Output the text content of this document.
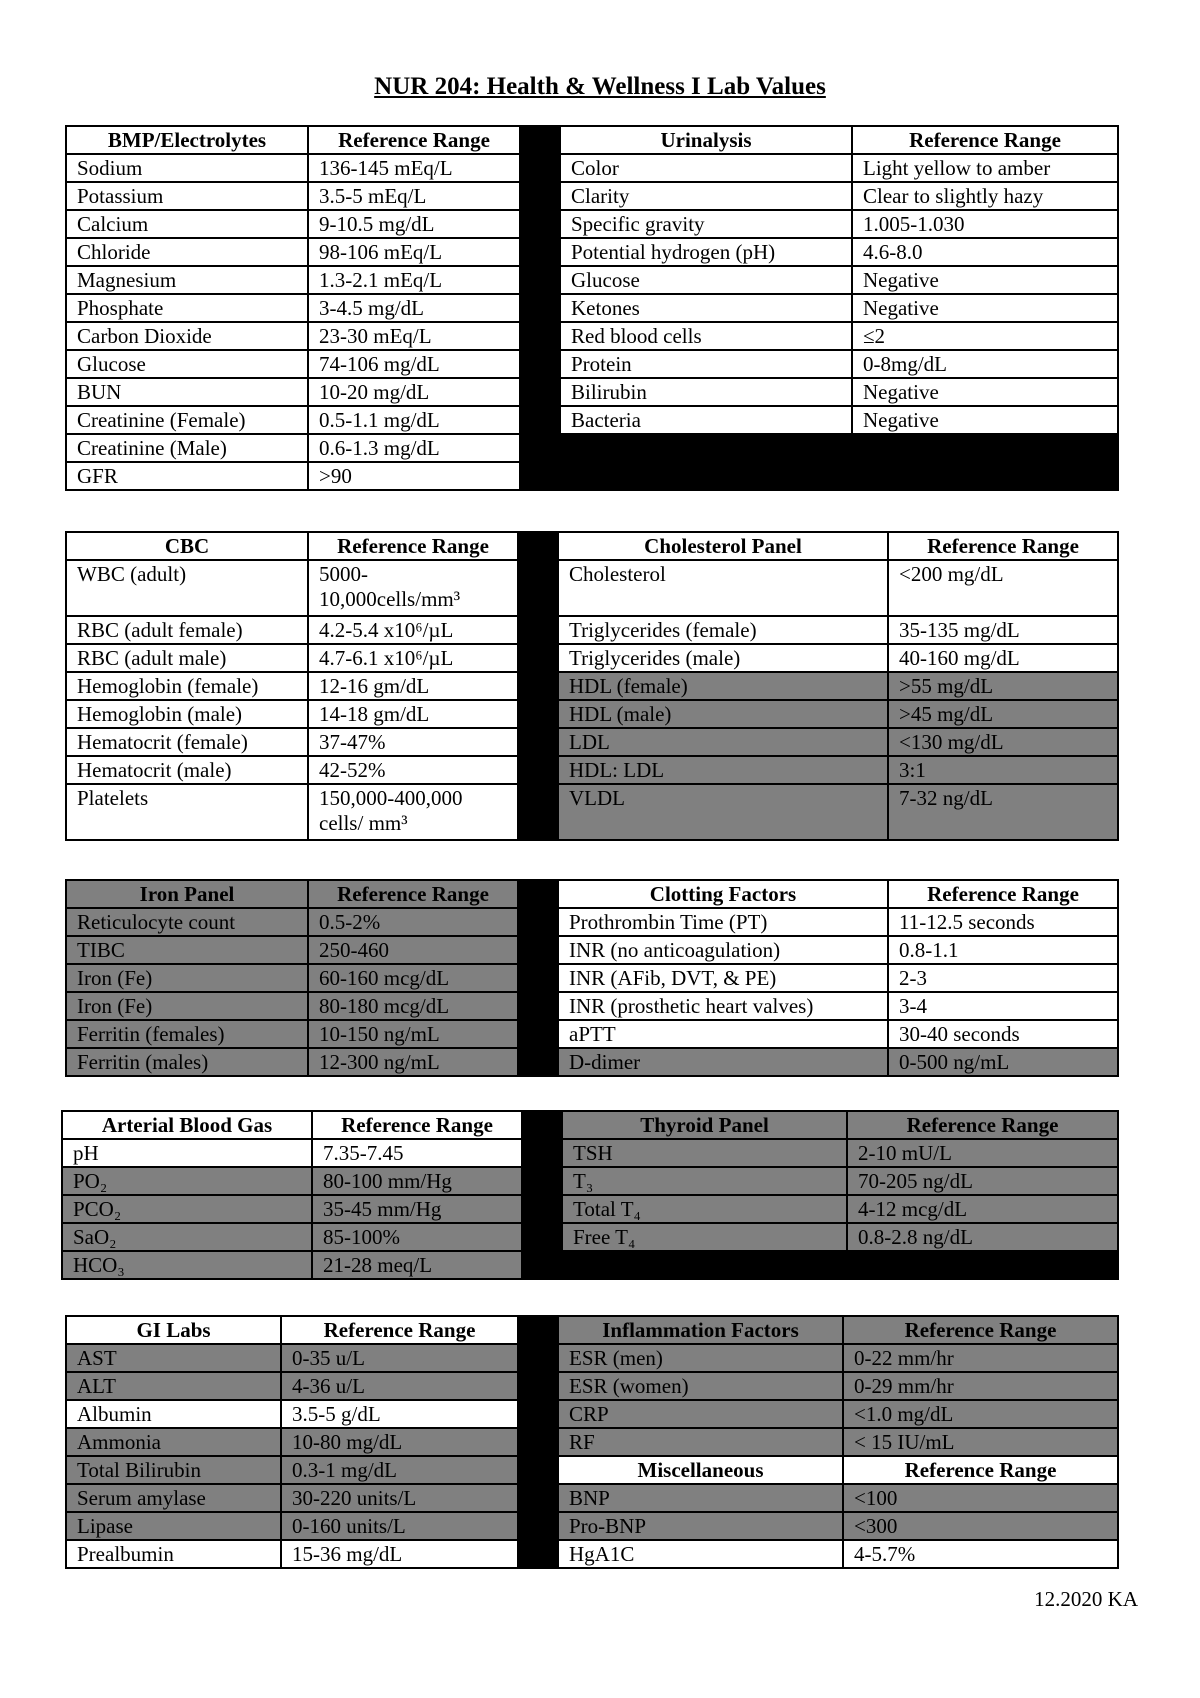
NUR 204: Health & Wellness I Lab Values
BMP/Electrolytes	Reference Range		Urinalysis	Reference Range
Sodium	136-145 mEq/L		Color	Light yellow to amber
Potassium	3.5-5 mEq/L		Clarity	Clear to slightly hazy
Calcium	9-10.5 mg/dL		Specific gravity	1.005-1.030
Chloride	98-106 mEq/L		Potential hydrogen (pH)	4.6-8.0
Magnesium	1.3-2.1 mEq/L		Glucose	Negative
Phosphate	3-4.5 mg/dL		Ketones	Negative
Carbon Dioxide	23-30 mEq/L		Red blood cells	≤2
Glucose	74-106 mg/dL		Protein	0-8mg/dL
BUN	10-20 mg/dL		Bilirubin	Negative
Creatinine (Female)	0.5-1.1 mg/dL		Bacteria	Negative
Creatinine (Male)	0.6-1.3 mg/dL			
GFR	>90			
CBC	Reference Range		Cholesterol Panel	Reference Range
WBC (adult)	5000-10,000cells/mm³		Cholesterol	<200 mg/dL
RBC (adult female)	4.2-5.4 x10⁶/µL		Triglycerides (female)	35-135 mg/dL
RBC (adult male)	4.7-6.1 x10⁶/µL		Triglycerides (male)	40-160 mg/dL
Hemoglobin (female)	12-16 gm/dL		HDL (female)	>55 mg/dL
Hemoglobin (male)	14-18 gm/dL		HDL (male)	>45 mg/dL
Hematocrit (female)	37-47%		LDL	<130 mg/dL
Hematocrit (male)	42-52%		HDL: LDL	3:1
Platelets	150,000-400,000 cells/ mm³		VLDL	7-32 ng/dL
Iron Panel	Reference Range		Clotting Factors	Reference Range
Reticulocyte count	0.5-2%		Prothrombin Time (PT)	11-12.5 seconds
TIBC	250-460		INR (no anticoagulation)	0.8-1.1
Iron (Fe)	60-160 mcg/dL		INR (AFib, DVT, & PE)	2-3
Iron (Fe)	80-180 mcg/dL		INR (prosthetic heart valves)	3-4
Ferritin (females)	10-150 ng/mL		aPTT	30-40 seconds
Ferritin (males)	12-300 ng/mL		D-dimer	0-500 ng/mL
Arterial Blood Gas	Reference Range		Thyroid Panel	Reference Range
pH	7.35-7.45		TSH	2-10 mU/L
PO₂	80-100 mm/Hg		T₃	70-205 ng/dL
PCO₂	35-45 mm/Hg		Total T₄	4-12 mcg/dL
SaO₂	85-100%		Free T₄	0.8-2.8 ng/dL
HCO₃	21-28 meq/L			
GI Labs	Reference Range		Inflammation Factors	Reference Range
AST	0-35 u/L		ESR (men)	0-22 mm/hr
ALT	4-36 u/L		ESR (women)	0-29 mm/hr
Albumin	3.5-5 g/dL		CRP	<1.0 mg/dL
Ammonia	10-80 mg/dL		RF	< 15 IU/mL
Total Bilirubin	0.3-1 mg/dL		Miscellaneous	Reference Range
Serum amylase	30-220 units/L		BNP	<100
Lipase	0-160 units/L		Pro-BNP	<300
Prealbumin	15-36 mg/dL		HgA1C	4-5.7%
12.2020 KA
